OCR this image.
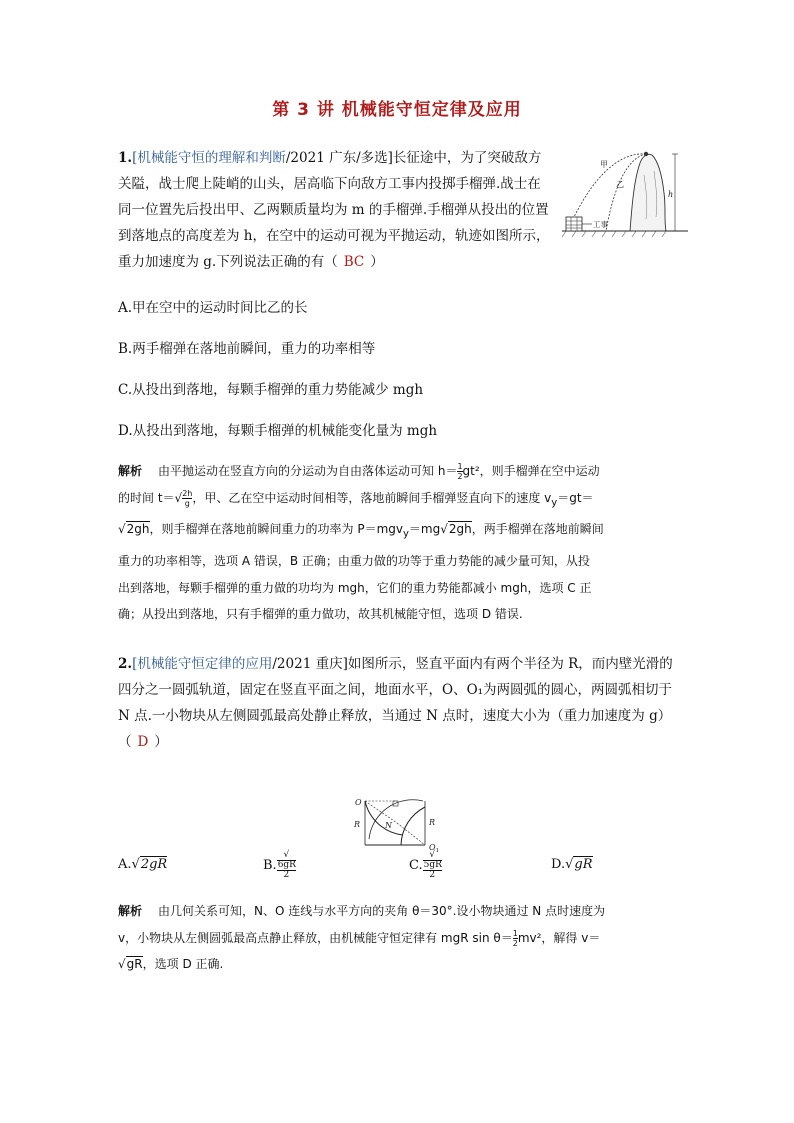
第 3 讲 机械能守恒定律及应用
1.[机械能守恒的理解和判断/2021 广东/多选]长征途中，为了突破敌方关隘，战士爬上陡峭的山头，居高临下向敌方工事内投掷手榴弹.战士在同一位置先后投出甲、乙两颗质量均为 m 的手榴弹.手榴弹从投出的位置到落地点的高度差为 h，在空中的运动可视为平抛运动，轨迹如图所示，重力加速度为 g.下列说法正确的有（ BC ）
甲
乙
工事
h
A.甲在空中的运动时间比乙的长
B.两手榴弹在落地前瞬间，重力的功率相等
C.从投出到落地，每颗手榴弹的重力势能减少 mgh
D.从投出到落地，每颗手榴弹的机械能变化量为 mgh
解析 由平抛运动在竖直方向的分运动为自由落体运动可知 $h= \frac{1}{2} gt^2$，则手榴弹在空中运动
的时间 $t=√ \frac{2h}{g}$ ，甲、乙在空中运动时间相等，落地前瞬间手榴弹竖直向下的速度 $v_y=gt=$
√2gh，则手榴弹在落地前瞬间重力的功率为 P＝mgv$_y$＝mg√2gh，两手榴弹在落地前瞬间
重力的功率相等，选项 A 错误，B 正确；由重力做的功等于重力势能的减少量可知，从投
出到落地，每颗手榴弹的重力做的功均为 mgh，它们的重力势能都减小 mgh，选项 C 正
确；从投出到落地，只有手榴弹的重力做功，故其机械能守恒，选项 D 错误.
2.[机械能守恒定律的应用/2021 重庆]如图所示，竖直平面内有两个半径为 R，而内壁光滑的四分之一圆弧轨道，固定在竖直平面之间，地面水平，O、O₁为两圆弧的圆心，两圆弧相切于 N 点.一小物块从左侧圆弧最高处静止释放，当通过 N 点时，速度大小为（重力加速度为 g）（ D ）
O
R	R
N
$O_1$
A.√2gR	B. √
6gR
2	C. √
5gR
2	D.√gR
解析 由几何关系可知，N、O 连线与水平方向的夹角 θ＝30°.设小物块通过 N 点时速度为
v，小物块从左侧圆弧最高点静止释放，由机械能守恒定律有 mgR $\sin \theta= \frac{1}{2} mv^2$，解得 v＝
√gR，选项 D 正确.
